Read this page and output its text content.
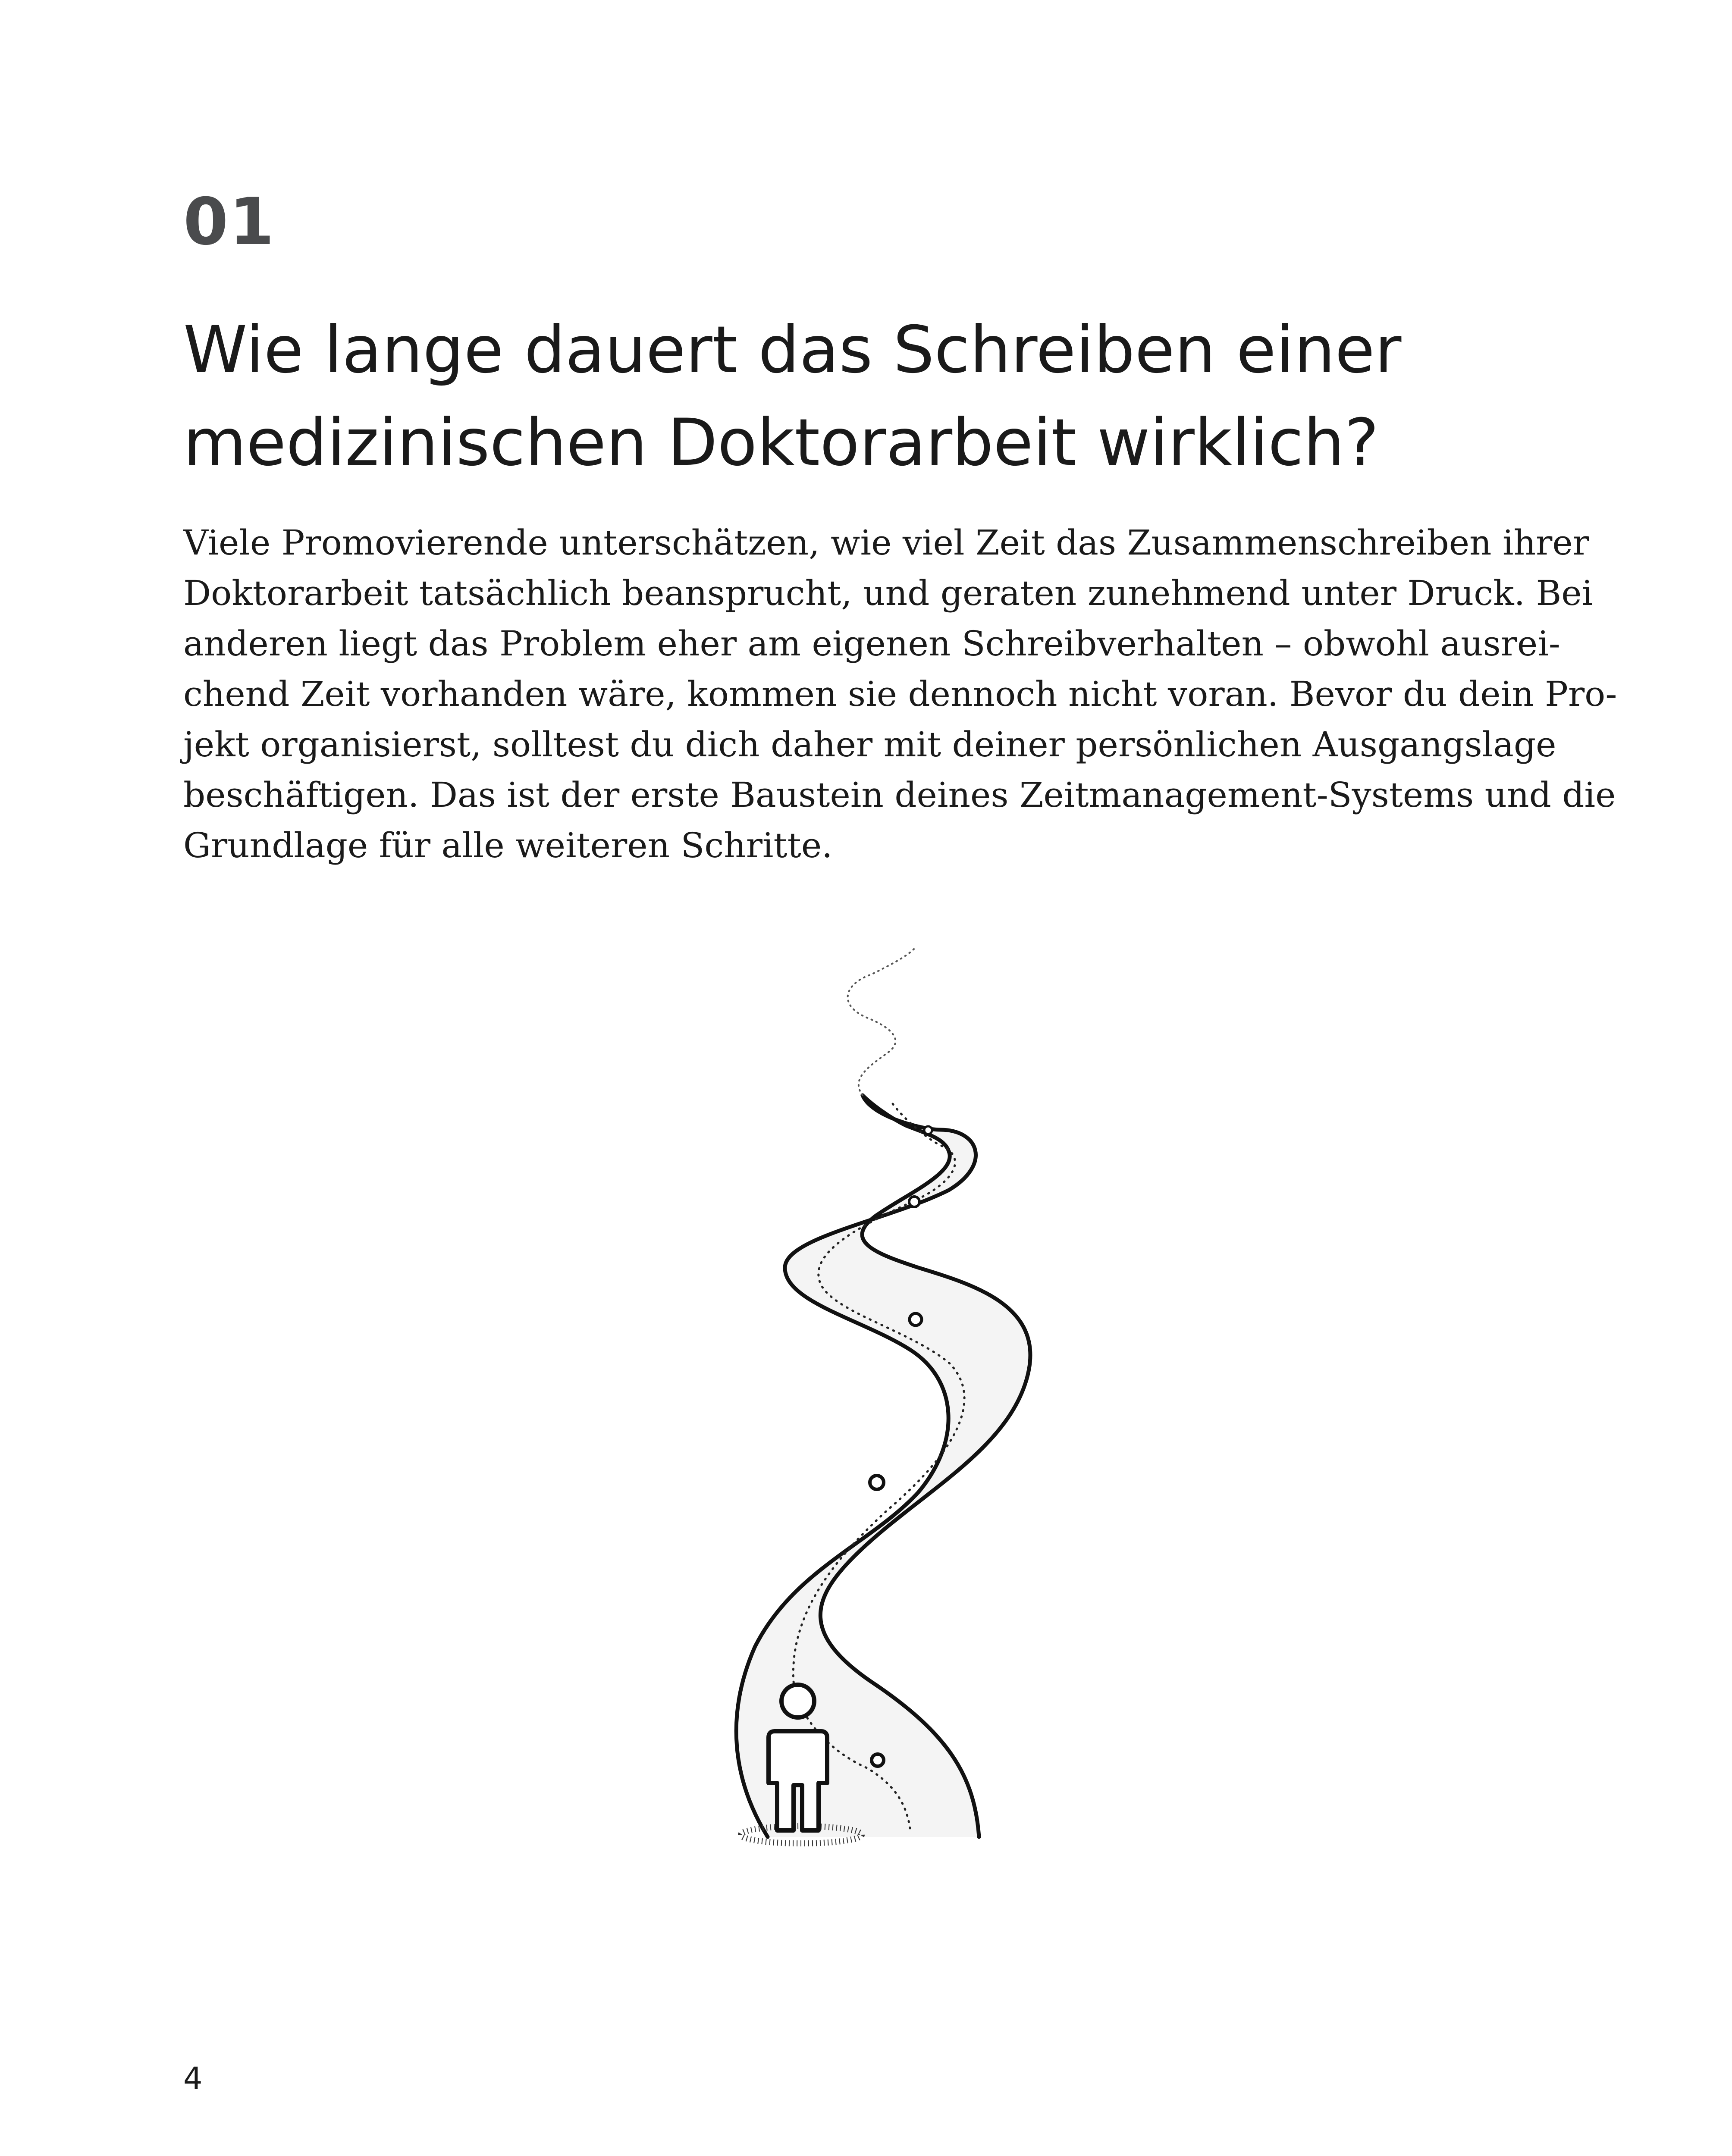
01
Wie lange dauert das Schreiben einer
medizinischen Doktorarbeit wirklich?

Viele Promovierende unterschätzen, wie viel Zeit das Zusammenschreiben ihrer
Doktorarbeit tatsächlich beansprucht, und geraten zunehmend unter Druck. Bei
anderen liegt das Problem eher am eigenen Schreibverhalten – obwohl ausrei-
chend Zeit vorhanden wäre, kommen sie dennoch nicht voran. Bevor du dein Pro-
jekt organisierst, solltest du dich daher mit deiner persönlichen Ausgangslage
beschäftigen. Das ist der erste Baustein deines Zeitmanagement-Systems und die
Grundlage für alle weiteren Schritte.

4
